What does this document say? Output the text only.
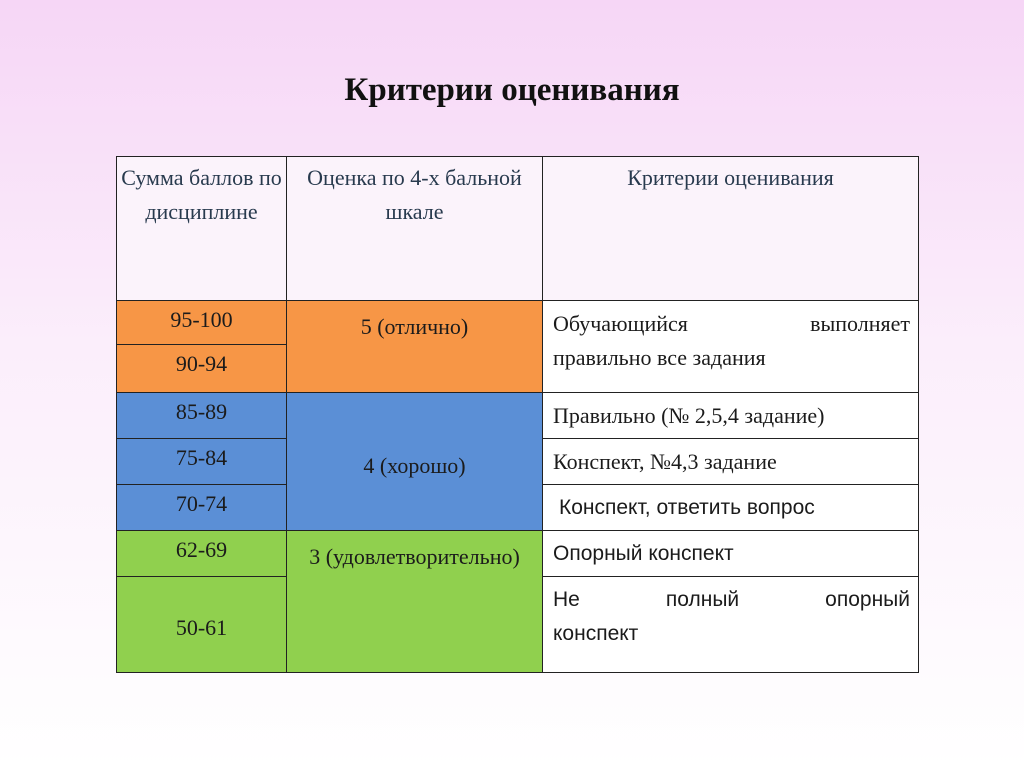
Критерии оценивания
Сумма баллов по дисциплине	Оценка по 4-х бальной шкале	Критерии оценивания
95-100	5 (отлично)	Обучающийся выполняет
правильно все задания

90-94		
85-89	4 (хорошо)	Правильно (№ 2,5,4 задание)
75-84		Конспект, №4,3 задание
70-74		Конспект, ответить вопрос
62-69	3 (удовлетворительно)	Опорный конспект
50-61		Не полный опорный
конспект
